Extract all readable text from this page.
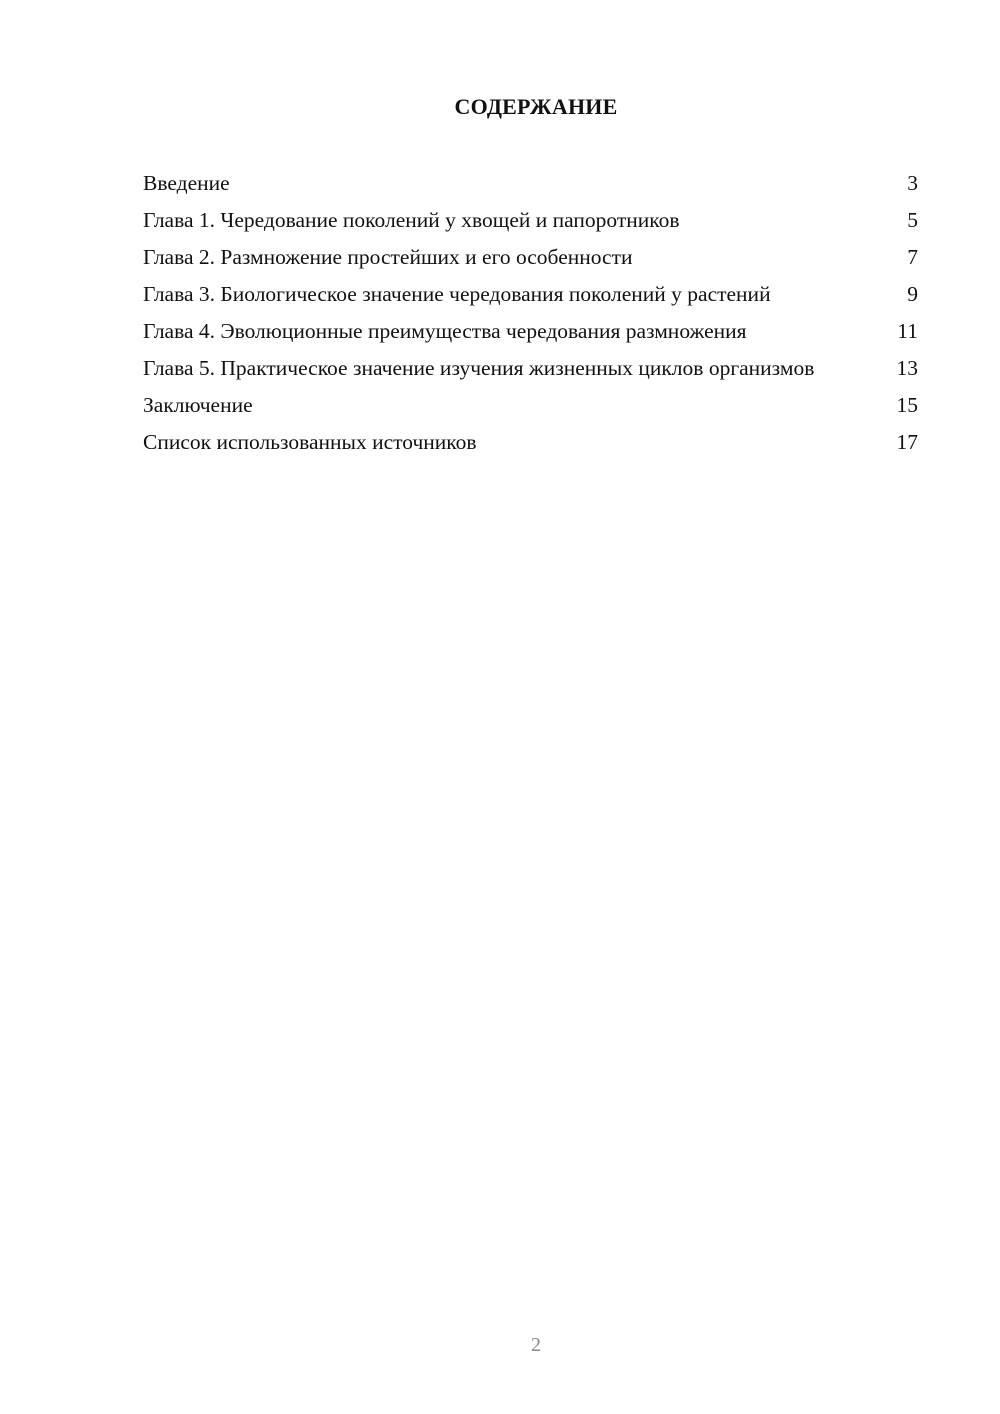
СОДЕРЖАНИЕ
Введение	3
Глава 1. Чередование поколений у хвощей и папоротников	5
Глава 2. Размножение простейших и его особенности	7
Глава 3. Биологическое значение чередования поколений у растений	9
Глава 4. Эволюционные преимущества чередования размножения	11
Глава 5. Практическое значение изучения жизненных циклов организмов	13
Заключение	15
Список использованных источников	17
2
